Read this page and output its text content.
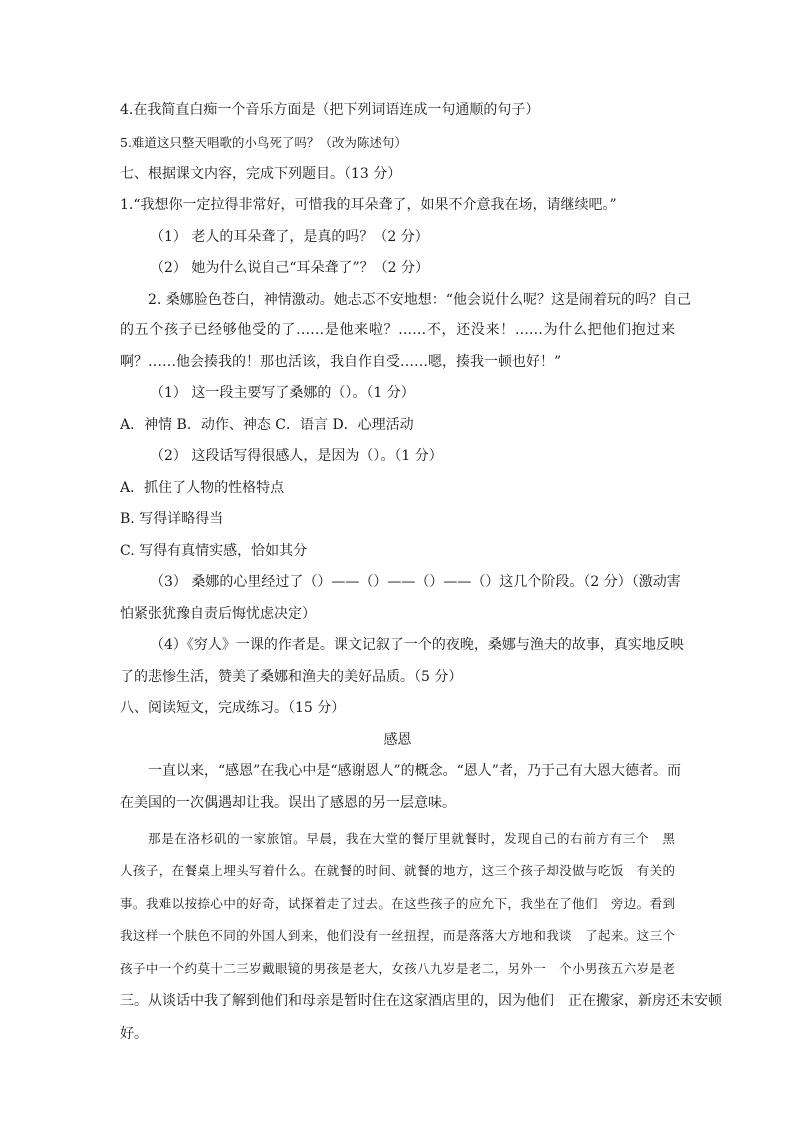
4.在我简直白痴一个音乐方面是（把下列词语连成一句通顺的句子）
5.难道这只整天唱歌的小鸟死了吗？（改为陈述句）
七、根据课文内容，完成下列题目。（13 分）
1.“我想你一定拉得非常好，可惜我的耳朵聋了，如果不介意我在场，请继续吧。”
（1） 老人的耳朵聋了，是真的吗？（2 分）
（2） 她为什么说自己“耳朵聋了”？（2 分）
2. 桑娜脸色苍白，神情激动。她忐忑不安地想：“他会说什么呢？这是闹着玩的吗？自己
的五个孩子已经够他受的了……是他来啦？……不，还没来！……为什么把他们抱过来
啊？……他会揍我的！那也活该，我自作自受……嗯，揍我一顿也好！”
（1） 这一段主要写了桑娜的（）。（1 分）
A．神情 B．动作、神态 C．语言 D．心理活动
（2） 这段话写得很感人，是因为（）。（1 分）
A．抓住了人物的性格特点
B. 写得详略得当
C. 写得有真情实感，恰如其分
（3） 桑娜的心里经过了（）——（）——（）——（）这几个阶段。（2 分）（激动害
怕紧张犹豫自责后悔忧虑决定）
（4）《穷人》一课的作者是。课文记叙了一个的夜晚，桑娜与渔夫的故事，真实地反映
了的悲惨生活，赞美了桑娜和渔夫的美好品质。（5 分）
八、阅读短文，完成练习。（15 分）
感恩
一直以来，“感恩”在我心中是“感谢恩人”的概念。“恩人”者，乃于己有大恩大德者。而
在美国的一次偶遇却让我。误出了感恩的另一层意味。
那是在洛杉矶的一家旅馆。早晨，我在大堂的餐厅里就餐时，发现自己的右前方有三个　黑
人孩子，在餐桌上埋头写着什么。在就餐的时间、就餐的地方，这三个孩子却没做与吃饭　有关的
事。我难以按捺心中的好奇，试探着走了过去。在这些孩子的应允下，我坐在了他们　旁边。看到
我这样一个肤色不同的外国人到来，他们没有一丝扭捏，而是落落大方地和我谈　了起来。这三个
孩子中一个约莫十二三岁戴眼镜的男孩是老大，女孩八九岁是老二，另外一　个小男孩五六岁是老
三。从谈话中我了解到他们和母亲是暂时住在这家酒店里的，因为他们　正在搬家，新房还未安顿
好。
